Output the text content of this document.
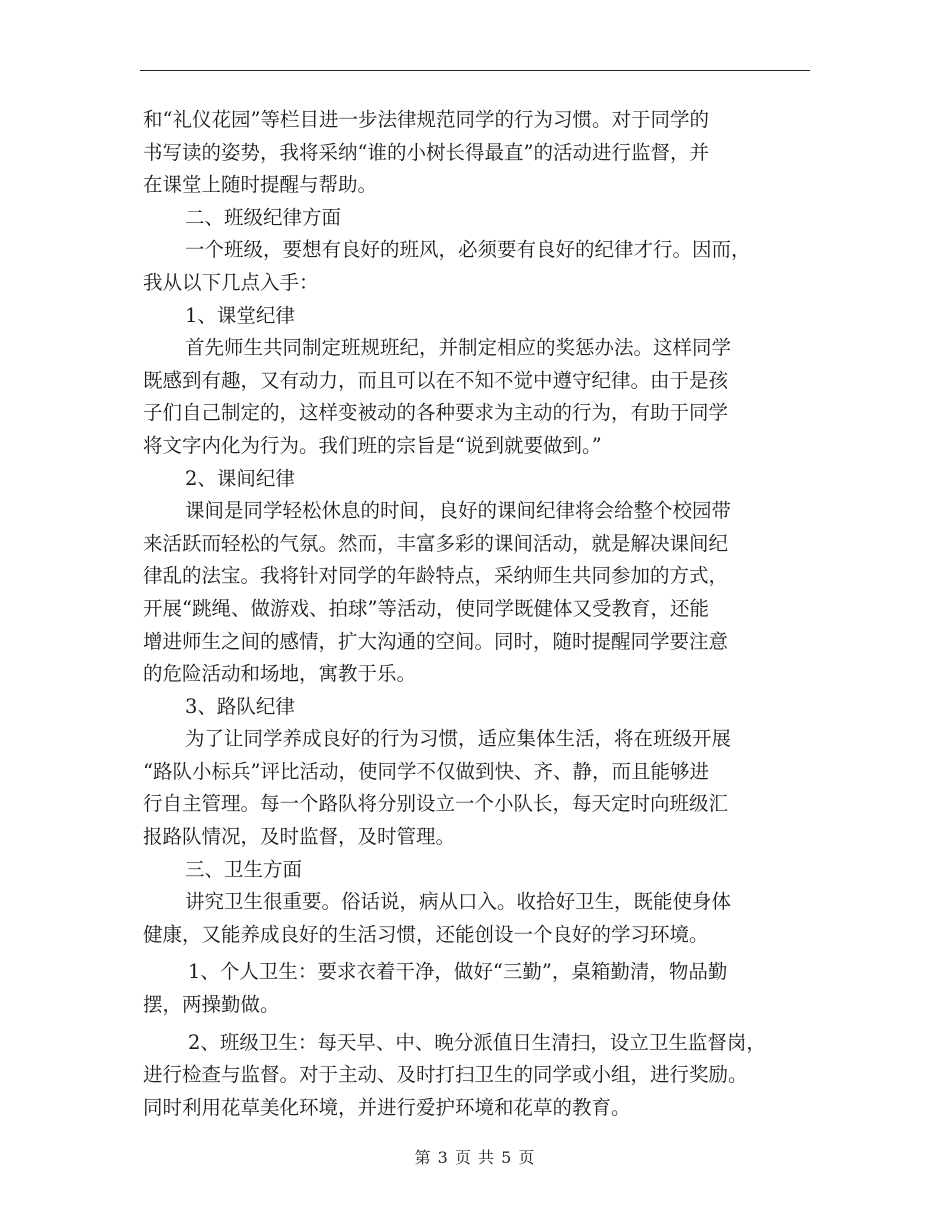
和“礼仪花园”等栏目进一步法律规范同学的行为习惯。对于同学的
书写读的姿势，我将采纳“谁的小树长得最直”的活动进行监督，并
在课堂上随时提醒与帮助。
二、班级纪律方面
一个班级，要想有良好的班风，必须要有良好的纪律才行。因而，
我从以下几点入手：
1、课堂纪律
首先师生共同制定班规班纪，并制定相应的奖惩办法。这样同学
既感到有趣，又有动力，而且可以在不知不觉中遵守纪律。由于是孩
子们自己制定的，这样变被动的各种要求为主动的行为，有助于同学
将文字内化为行为。我们班的宗旨是“说到就要做到。”
2、课间纪律
课间是同学轻松休息的时间，良好的课间纪律将会给整个校园带
来活跃而轻松的气氛。然而，丰富多彩的课间活动，就是解决课间纪
律乱的法宝。我将针对同学的年龄特点，采纳师生共同参加的方式，
开展“跳绳、做游戏、拍球”等活动，使同学既健体又受教育，还能
增进师生之间的感情，扩大沟通的空间。同时，随时提醒同学要注意
的危险活动和场地，寓教于乐。
3、路队纪律
为了让同学养成良好的行为习惯，适应集体生活，将在班级开展
“路队小标兵”评比活动，使同学不仅做到快、齐、静，而且能够进
行自主管理。每一个路队将分别设立一个小队长，每天定时向班级汇
报路队情况，及时监督，及时管理。
三、卫生方面
讲究卫生很重要。俗话说，病从口入。收拾好卫生，既能使身体
健康，又能养成良好的生活习惯，还能创设一个良好的学习环境。
1、个人卫生：要求衣着干净，做好“三勤”，桌箱勤清，物品勤
摆，两操勤做。
2、班级卫生：每天早、中、晚分派值日生清扫，设立卫生监督岗，
进行检查与监督。对于主动、及时打扫卫生的同学或小组，进行奖励。
同时利用花草美化环境，并进行爱护环境和花草的教育。
第 3 页 共 5 页
